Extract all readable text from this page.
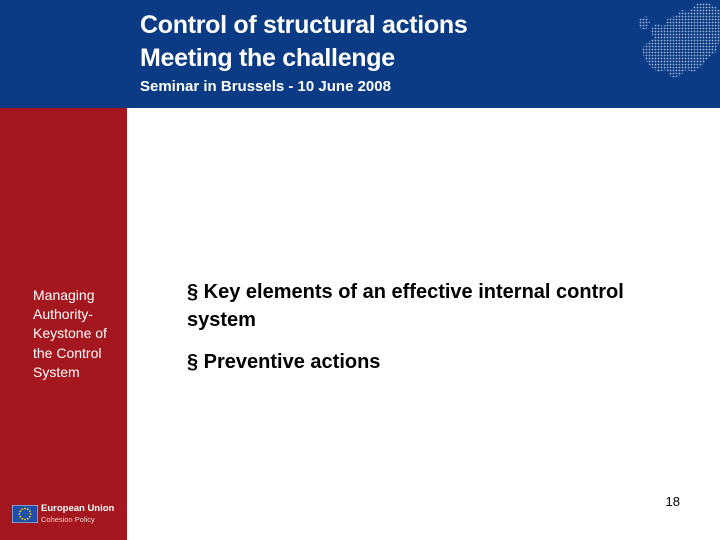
Control of structural actions
Meeting the challenge
Seminar in Brussels - 10 June 2008
Managing Authority- Keystone of the Control System
European Union
Cohesion Policy
§ Key elements of an effective internal control system
§ Preventive actions
18
